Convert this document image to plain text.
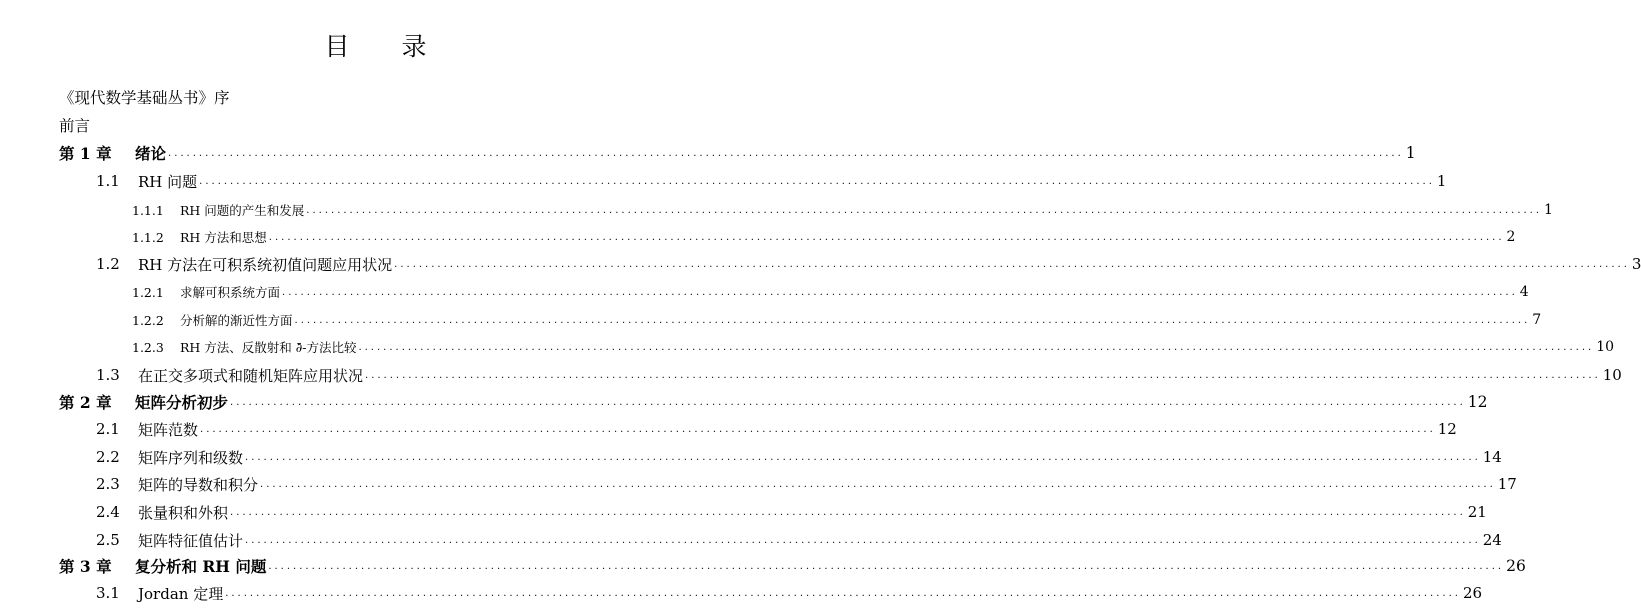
目 录
《现代数学基础丛书》序
前言
第 1 章	绪论 ........................................................................................................................................................................................................ 1
1.1	RH 问题 ........................................................................................................................................................................................................ 1
1.1.1	RH 问题的产生和发展 ........................................................................................................................................................................................................ 1
1.1.2	RH 方法和思想 ........................................................................................................................................................................................................ 2
1.2	RH 方法在可积系统初值问题应用状况 ........................................................................................................................................................................................................ 3
1.2.1	求解可积系统方面 ........................................................................................................................................................................................................ 4
1.2.2	分析解的渐近性方面 ........................................................................................................................................................................................................ 7
1.2.3	RH 方法、反散射和 ∂̄-方法比较 ........................................................................................................................................................................................................ 10
1.3	在正交多项式和随机矩阵应用状况 ........................................................................................................................................................................................................ 10
第 2 章	矩阵分析初步 ........................................................................................................................................................................................................ 12
2.1	矩阵范数 ........................................................................................................................................................................................................ 12
2.2	矩阵序列和级数 ........................................................................................................................................................................................................ 14
2.3	矩阵的导数和积分 ........................................................................................................................................................................................................ 17
2.4	张量积和外积 ........................................................................................................................................................................................................ 21
2.5	矩阵特征值估计 ........................................................................................................................................................................................................ 24
第 3 章	复分析和 RH 问题 ........................................................................................................................................................................................................ 26
3.1	Jordan 定理 ........................................................................................................................................................................................................ 26
